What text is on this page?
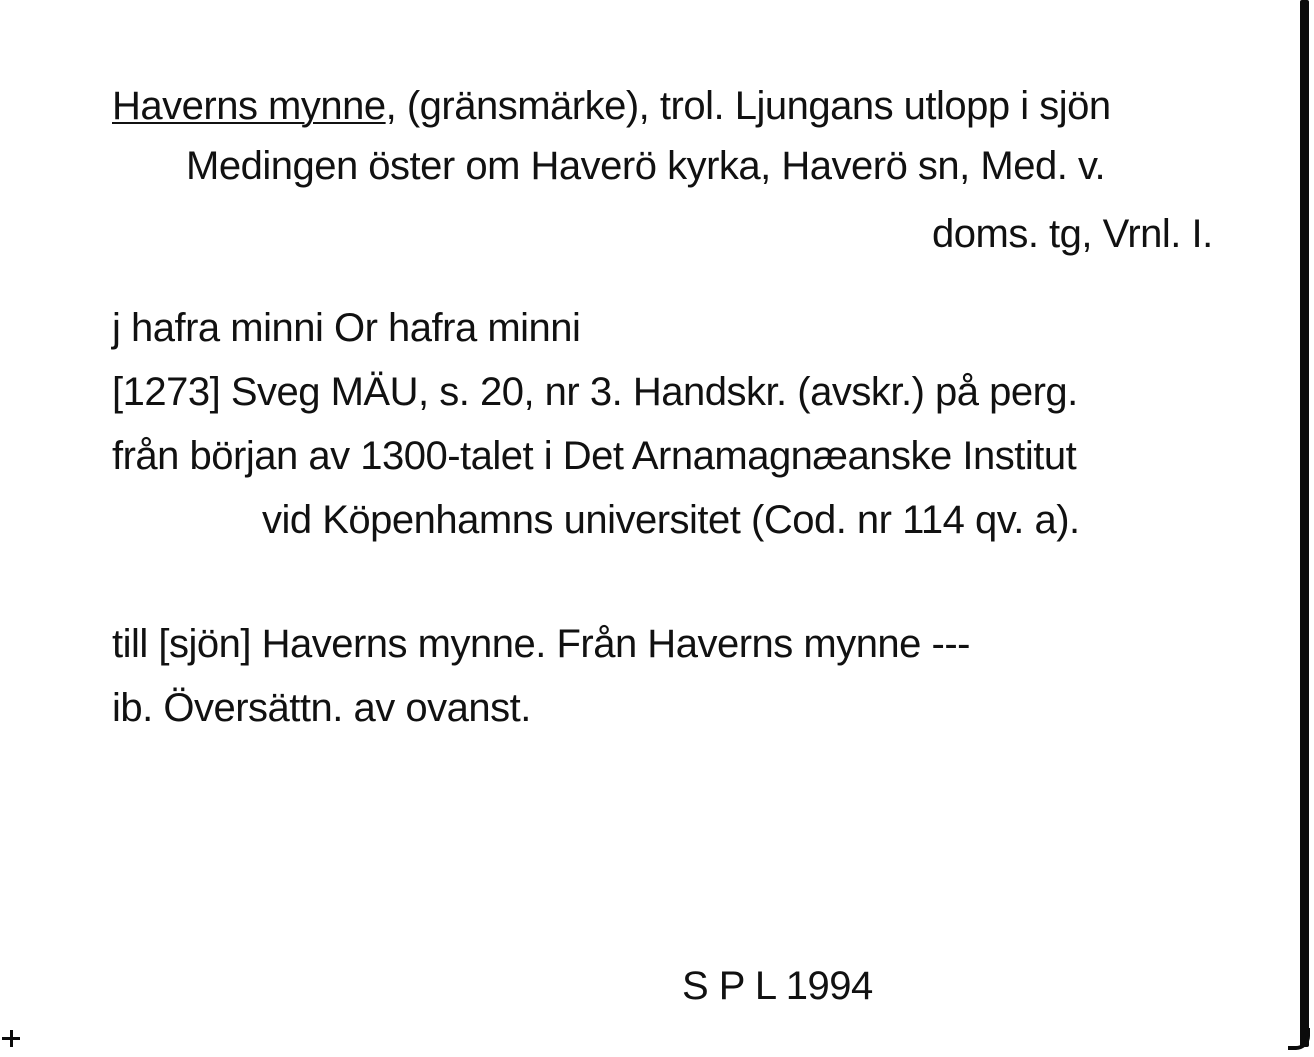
Haverns mynne, (gränsmärke), trol. Ljungans utlopp i sjön
Medingen öster om Haverö kyrka, Haverö sn, Med. v.
doms. tg, Vrnl. I.
j hafra minni Or hafra minni
[1273] Sveg MÄU, s. 20, nr 3. Handskr. (avskr.) på perg.
från början av 1300-talet i Det Arnamagnæanske Institut
vid Köpenhamns universitet (Cod. nr 114 qv. a).
till [sjön] Haverns mynne. Från Haverns mynne ---
ib. Översättn. av ovanst.
S P L 1994
